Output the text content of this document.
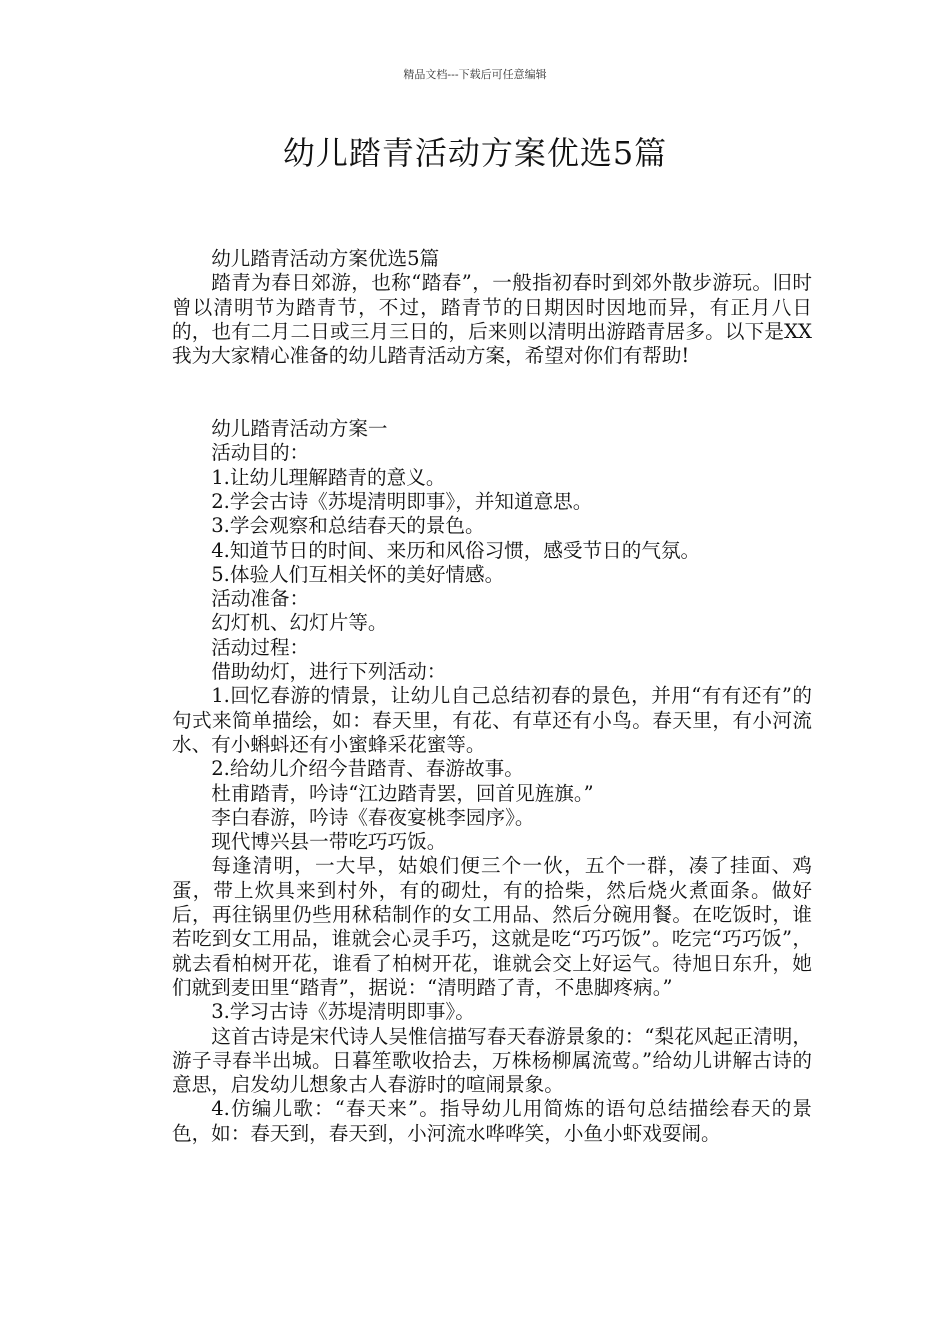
精品文档---下载后可任意编辑
幼儿踏青活动方案优选5篇

幼儿踏青活动方案优选5篇

踏青为春日郊游，也称“踏春”，一般指初春时到郊外散步游玩。旧时曾以清明节为踏青节，不过，踏青节的日期因时因地而异，有正月八日的，也有二月二日或三月三日的，后来则以清明出游踏青居多。以下是XX我为大家精心准备的幼儿踏青活动方案，希望对你们有帮助!

幼儿踏青活动方案一

活动目的：

1.让幼儿理解踏青的意义。

2.学会古诗《苏堤清明即事》，并知道意思。

3.学会观察和总结春天的景色。

4.知道节日的时间、来历和风俗习惯，感受节日的气氛。

5.体验人们互相关怀的美好情感。

活动准备：

幻灯机、幻灯片等。

活动过程：

借助幼灯，进行下列活动：

1.回忆春游的情景，让幼儿自己总结初春的景色，并用“有有还有”的句式来简单描绘，如：春天里，有花、有草还有小鸟。春天里，有小河流水、有小蝌蚪还有小蜜蜂采花蜜等。

2.给幼儿介绍今昔踏青、春游故事。

杜甫踏青，吟诗“江边踏青罢，回首见旌旗。”

李白春游，吟诗《春夜宴桃李园序》。

现代博兴县一带吃巧巧饭。

每逢清明，一大早，姑娘们便三个一伙，五个一群，凑了挂面、鸡蛋，带上炊具来到村外，有的砌灶，有的拾柴，然后烧火煮面条。做好后，再往锅里仍些用秫秸制作的女工用品、然后分碗用餐。在吃饭时，谁若吃到女工用品，谁就会心灵手巧，这就是吃“巧巧饭”。吃完“巧巧饭”，就去看柏树开花，谁看了柏树开花，谁就会交上好运气。待旭日东升，她们就到麦田里“踏青”，据说：“清明踏了青，不患脚疼病。”

3.学习古诗《苏堤清明即事》。

这首古诗是宋代诗人吴惟信描写春天春游景象的：“梨花风起正清明，游子寻春半出城。日暮笙歌收拾去，万株杨柳属流莺。”给幼儿讲解古诗的意思，启发幼儿想象古人春游时的喧闹景象。

4.仿编儿歌：“春天来”。指导幼儿用简炼的语句总结描绘春天的景色，如：春天到，春天到，小河流水哗哗笑，小鱼小虾戏耍闹。
